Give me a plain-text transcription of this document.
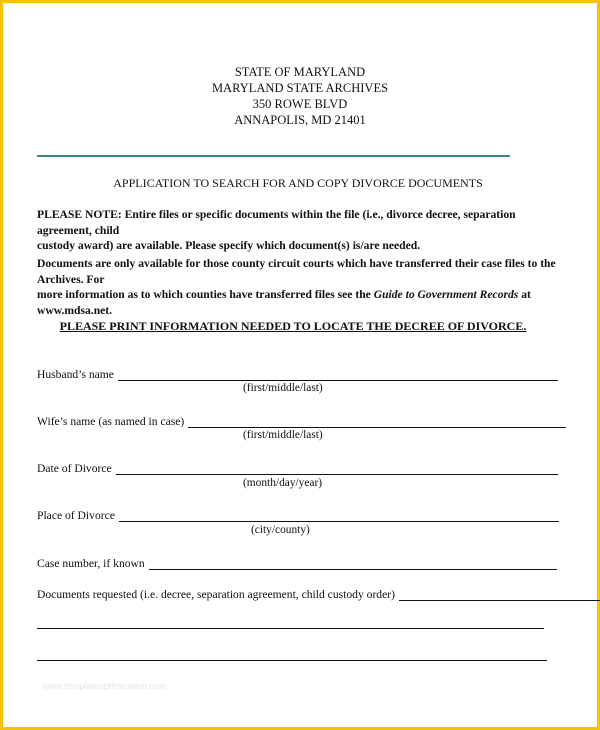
STATE OF MARYLAND
MARYLAND STATE ARCHIVES
350 ROWE BLVD
ANNAPOLIS, MD 21401
APPLICATION TO SEARCH FOR AND COPY DIVORCE DOCUMENTS
PLEASE NOTE: Entire files or specific documents within the file (i.e., divorce decree, separation agreement, child
custody award) are available. Please specify which document(s) is/are needed.
Documents are only available for those county circuit courts which have transferred their case files to the Archives. For
more information as to which counties have transferred files see the Guide to Government Records at www.mdsa.net.
PLEASE PRINT INFORMATION NEEDED TO LOCATE THE DECREE OF DIVORCE.
Husband’s name
(first/middle/last)
Wife’s name (as named in case)
(first/middle/last)
Date of Divorce
(month/day/year)
Place of Divorce
(city/county)
Case number, if known
Documents requested (i.e. decree, separation agreement, child custody order)
www.templateoptimization.com
